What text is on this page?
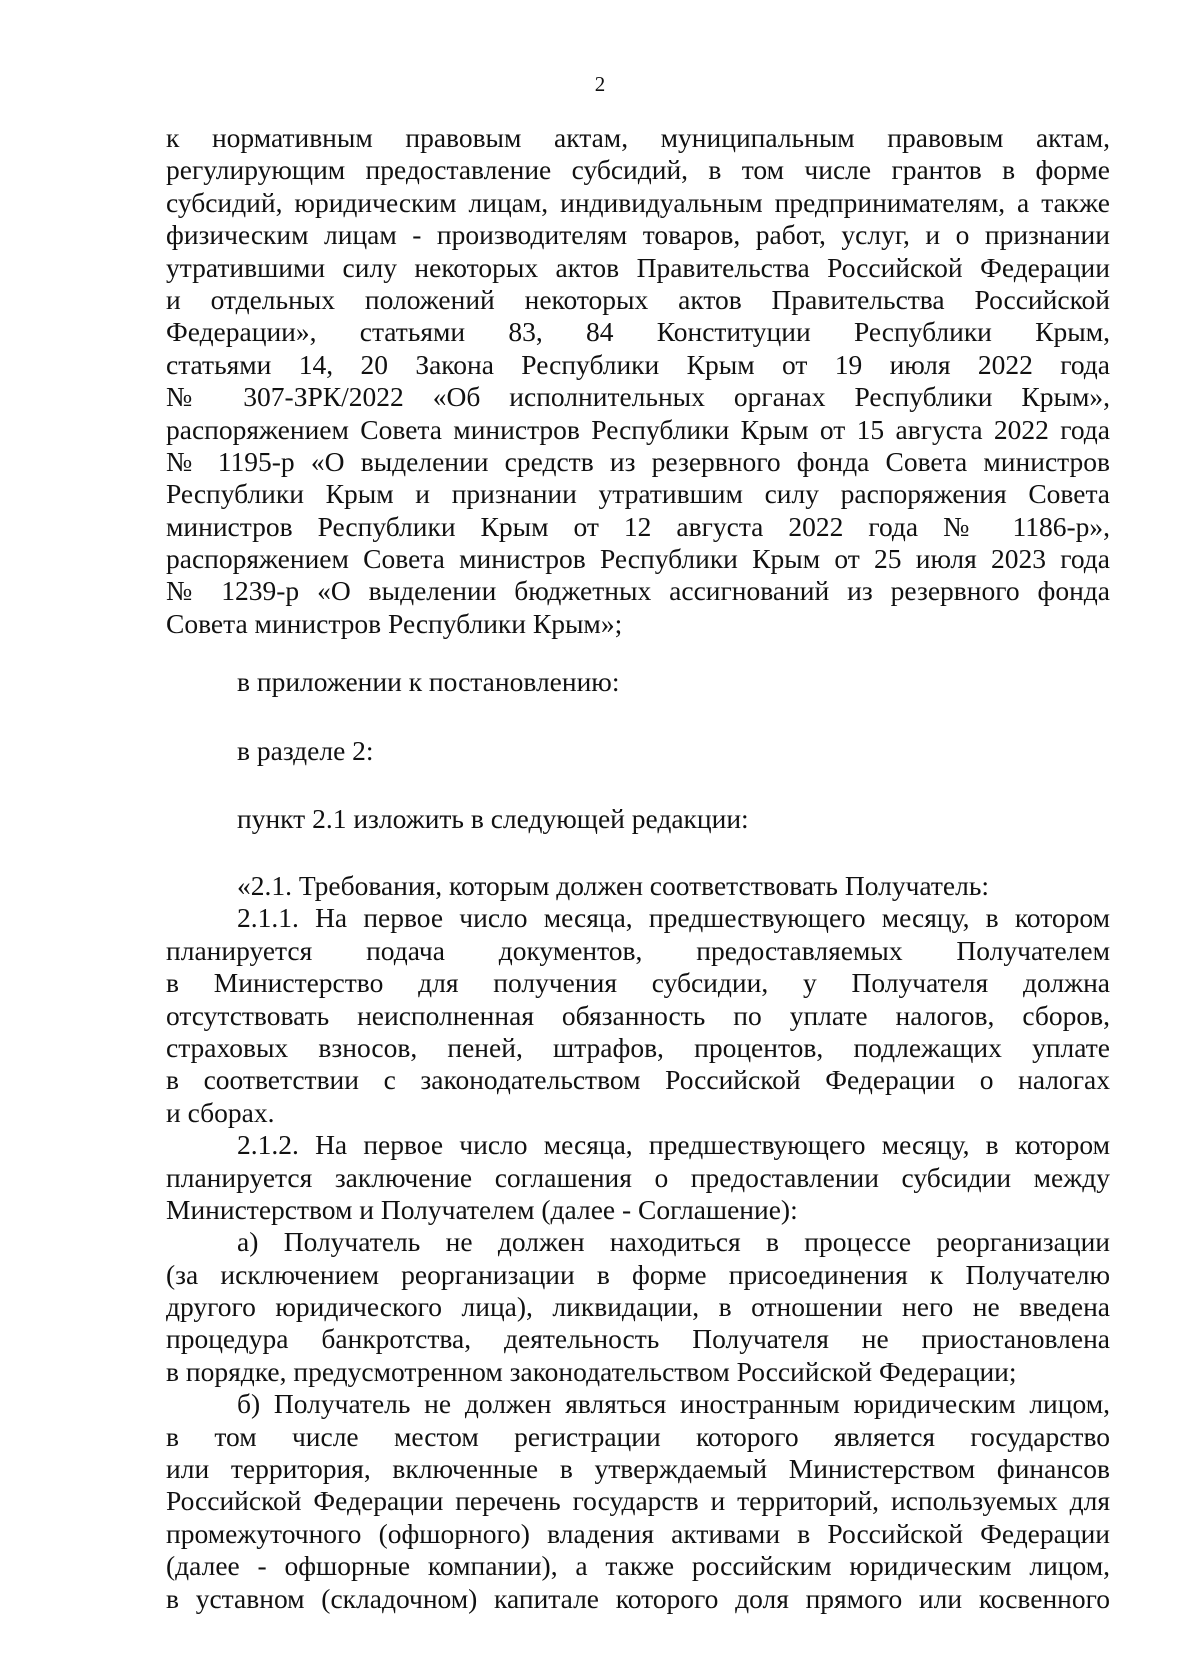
2
к нормативным правовым актам, муниципальным правовым актам,
регулирующим предоставление субсидий, в том числе грантов в форме
субсидий, юридическим лицам, индивидуальным предпринимателям, а также
физическим лицам - производителям товаров, работ, услуг, и о признании
утратившими силу некоторых актов Правительства Российской Федерации
и отдельных положений некоторых актов Правительства Российской
Федерации», статьями 83, 84 Конституции Республики Крым,
статьями 14, 20 Закона Республики Крым от 19 июля 2022 года
№ 307-ЗРК/2022 «Об исполнительных органах Республики Крым»,
распоряжением Совета министров Республики Крым от 15 августа 2022 года
№ 1195-р «О выделении средств из резервного фонда Совета министров
Республики Крым и признании утратившим силу распоряжения Совета
министров Республики Крым от 12 августа 2022 года № 1186-р»,
распоряжением Совета министров Республики Крым от 25 июля 2023 года
№ 1239-р «О выделении бюджетных ассигнований из резервного фонда
Совета министров Республики Крым»;
в приложении к постановлению:
в разделе 2:
пункт 2.1 изложить в следующей редакции:
«2.1. Требования, которым должен соответствовать Получатель:
2.1.1. На первое число месяца, предшествующего месяцу, в котором
планируется подача документов, предоставляемых Получателем
в Министерство для получения субсидии, у Получателя должна
отсутствовать неисполненная обязанность по уплате налогов, сборов,
страховых взносов, пеней, штрафов, процентов, подлежащих уплате
в соответствии с законодательством Российской Федерации о налогах
и сборах.
2.1.2. На первое число месяца, предшествующего месяцу, в котором
планируется заключение соглашения о предоставлении субсидии между
Министерством и Получателем (далее - Соглашение):
а) Получатель не должен находиться в процессе реорганизации
(за исключением реорганизации в форме присоединения к Получателю
другого юридического лица), ликвидации, в отношении него не введена
процедура банкротства, деятельность Получателя не приостановлена
в порядке, предусмотренном законодательством Российской Федерации;
б) Получатель не должен являться иностранным юридическим лицом,
в том числе местом регистрации которого является государство
или территория, включенные в утверждаемый Министерством финансов
Российской Федерации перечень государств и территорий, используемых для
промежуточного (офшорного) владения активами в Российской Федерации
(далее - офшорные компании), а также российским юридическим лицом,
в уставном (складочном) капитале которого доля прямого или косвенного
